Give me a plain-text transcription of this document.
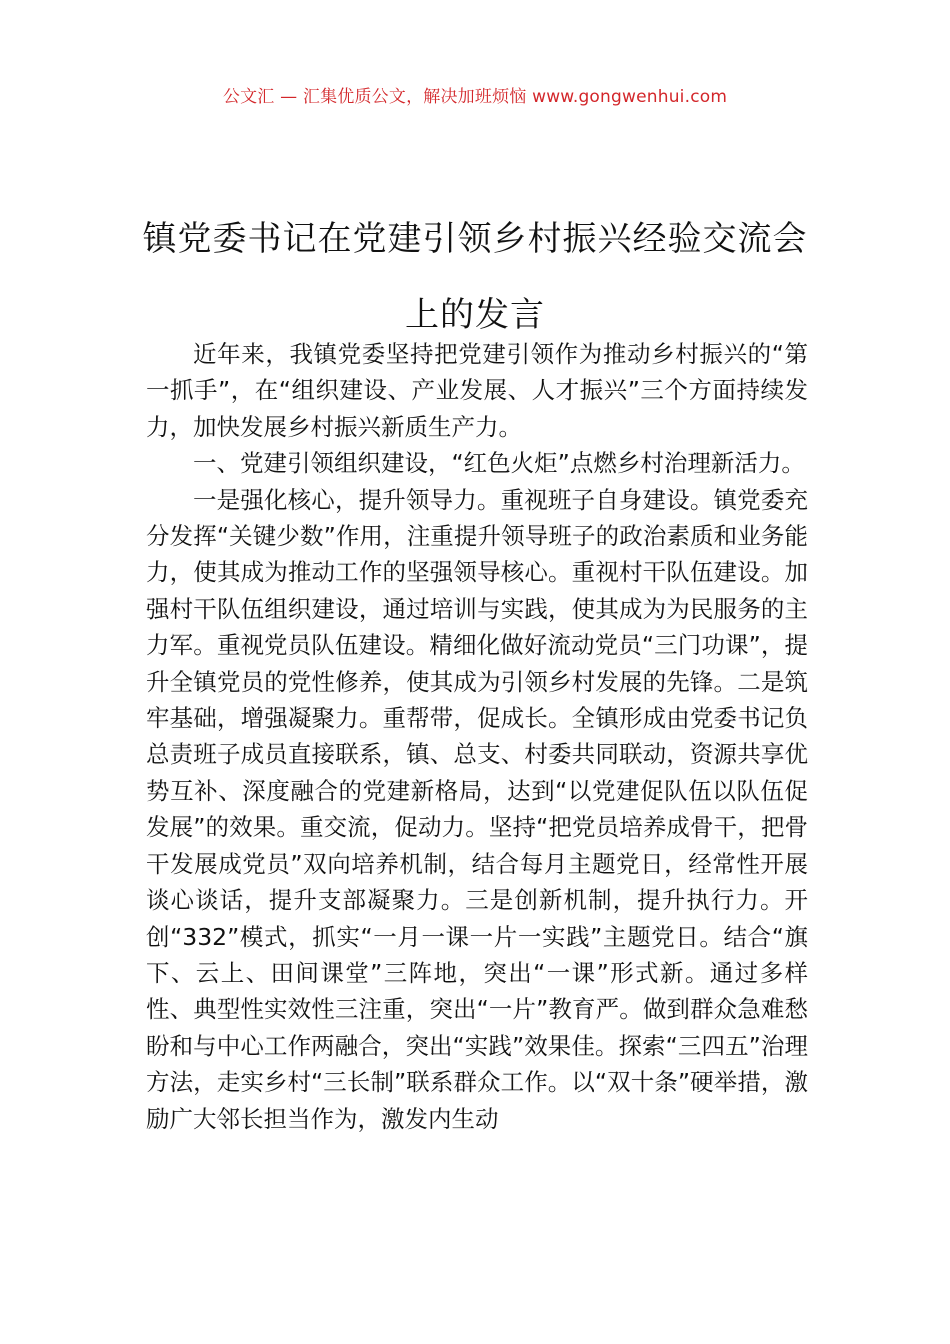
公文汇 — 汇集优质公文，解决加班烦恼 www.gongwenhui.com
镇党委书记在党建引领乡村振兴经验交流会上的发言

近年来，我镇党委坚持把党建引领作为推动乡村振兴的“第一抓手”，在“组织建设、产业发展、人才振兴”三个方面持续发力，加快发展乡村振兴新质生产力。

一、党建引领组织建设，“红色火炬”点燃乡村治理新活力。

一是强化核心，提升领导力。重视班子自身建设。镇党委充分发挥“关键少数”作用，注重提升领导班子的政治素质和业务能力，使其成为推动工作的坚强领导核心。重视村干队伍建设。加强村干队伍组织建设，通过培训与实践，使其成为为民服务的主力军。重视党员队伍建设。精细化做好流动党员“三门功课”，提升全镇党员的党性修养，使其成为引领乡村发展的先锋。二是筑牢基础，增强凝聚力。重帮带，促成长。全镇形成由党委书记负总责班子成员直接联系，镇、总支、村委共同联动，资源共享优势互补、深度融合的党建新格局，达到“以党建促队伍以队伍促发展”的效果。重交流，促动力。坚持“把党员培养成骨干，把骨干发展成党员”双向培养机制，结合每月主题党日，经常性开展谈心谈话，提升支部凝聚力。三是创新机制，提升执行力。开创“332”模式，抓实“一月一课一片一实践”主题党日。结合“旗下、云上、田间课堂”三阵地，突出“一课”形式新。通过多样性、典型性实效性三注重，突出“一片”教育严。做到群众急难愁盼和与中心工作两融合，突出“实践”效果佳。探索“三四五”治理方法，走实乡村“三长制”联系群众工作。以“双十条”硬举措，激励广大邻长担当作为，激发内生动
